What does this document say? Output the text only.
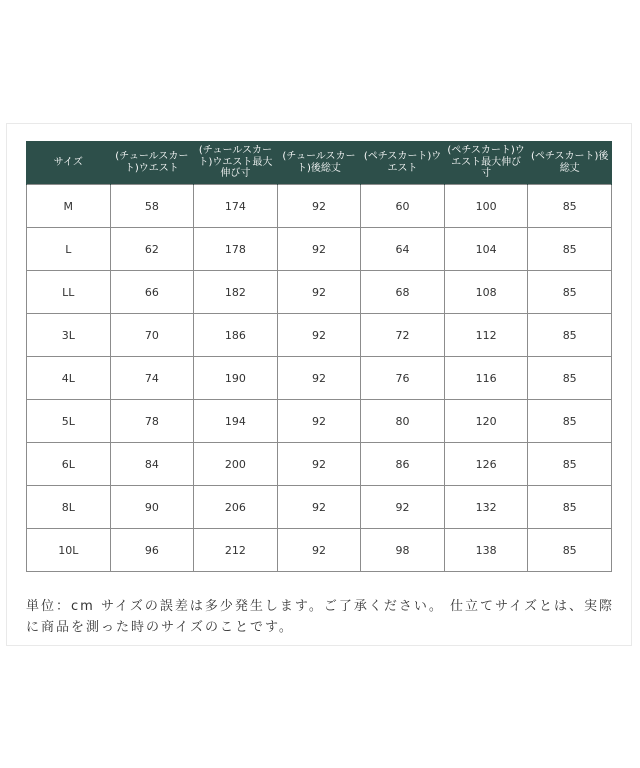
サイズ	(チュールスカート)ウエスト	(チュールスカート)ウエスト最大伸び寸	(チュールスカート)後総丈	(ペチスカート)ウエスト	(ペチスカート)ウエスト最大伸び寸	(ペチスカート)後総丈
M	58	174	92	60	100	85
L	62	178	92	64	104	85
LL	66	182	92	68	108	85
3L	70	186	92	72	112	85
4L	74	190	92	76	116	85
5L	78	194	92	80	120	85
6L	84	200	92	86	126	85
8L	90	206	92	92	132	85
10L	96	212	92	98	138	85

単位：cm サイズの誤差は多少発生します。ご了承ください。 仕立てサイズとは、実際に商品を測った時のサイズのことです。
